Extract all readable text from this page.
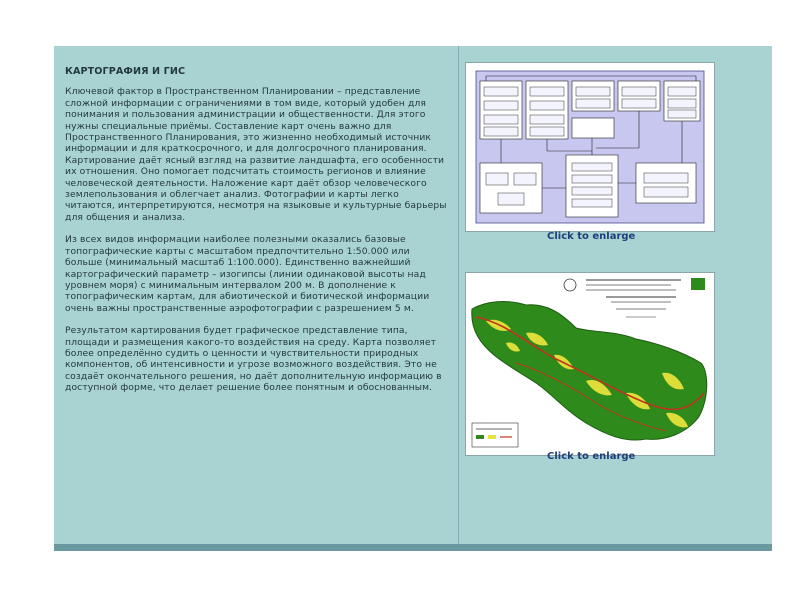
КАРТОГРАФИЯ И ГИС

Ключевой фактор в Пространственном Планировании – представление сложной информации с ограничениями в том виде, который удобен для понимания и пользования администрации и общественности. Для этого нужны специальные приёмы. Составление карт очень важно для Пространственного Планирования, это жизненно необходимый источник информации и для краткосрочного, и для долгосрочного планирования. Картирование даёт ясный взгляд на развитие ландшафта, его особенности их отношения. Оно помогает подсчитать стоимость регионов и влияние человеческой деятельности. Наложение карт даёт обзор человеческого землепользования и облегчает анализ. Фотографии и карты легко читаются, интерпретируются, несмотря на языковые и культурные барьеры для общения и анализа.

Из всех видов информации наиболее полезными оказались базовые топографические карты с масштабом предпочтительно 1:50.000 или больше (минимальный масштаб 1:100.000). Единственно важнейший картографический параметр – изогипсы (линии одинаковой высоты над уровнем моря) с минимальным интервалом 200 м. В дополнение к топографическим картам, для абиотической и биотической информации очень важны пространственные аэрофотографии с разрешением 5 м.

Результатом картирования будет графическое представление типа, площади и размещения какого-то воздействия на среду. Карта позволяет более определённо судить о ценности и чувствительности природных компонентов, об интенсивности и угрозе возможного воздействия. Это не создаёт окончательного решения, но даёт дополнительную информацию в доступной форме, что делает решение более понятным и обоснованным.

Click to enlarge
Click to enlarge
